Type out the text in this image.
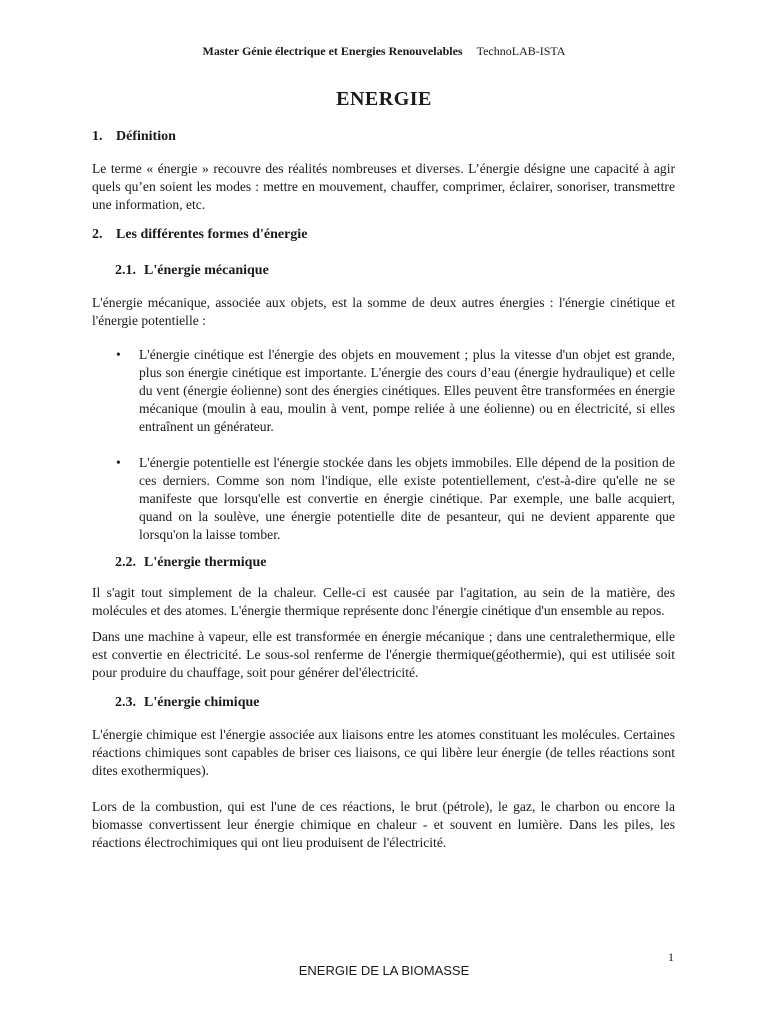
Master Génie électrique et Energies Renouvelables TechnoLAB-ISTA
ENERGIE
1. Définition

Le terme « énergie » recouvre des réalités nombreuses et diverses. L’énergie désigne une capacité à agir quels qu’en soient les modes : mettre en mouvement, chauffer, comprimer, éclairer, sonoriser, transmettre une information, etc.

2. Les différentes formes d'énergie
2.1. L'énergie mécanique

L'énergie mécanique, associée aux objets, est la somme de deux autres énergies : l'énergie cinétique et l'énergie potentielle :

• L'énergie cinétique est l'énergie des objets en mouvement ; plus la vitesse d'un objet est grande, plus son énergie cinétique est importante. L'énergie des cours d’eau (énergie hydraulique) et celle du vent (énergie éolienne) sont des énergies cinétiques. Elles peuvent être transformées en énergie mécanique (moulin à eau, moulin à vent, pompe reliée à une éolienne) ou en électricité, si elles entraînent un générateur.
• L'énergie potentielle est l'énergie stockée dans les objets immobiles. Elle dépend de la position de ces derniers. Comme son nom l'indique, elle existe potentiellement, c'est-à-dire qu'elle ne se manifeste que lorsqu'elle est convertie en énergie cinétique. Par exemple, une balle acquiert, quand on la soulève, une énergie potentielle dite de pesanteur, qui ne devient apparente que lorsqu'on la laisse tomber.
2.2. L'énergie thermique

Il s'agit tout simplement de la chaleur. Celle-ci est causée par l'agitation, au sein de la matière, des molécules et des atomes. L'énergie thermique représente donc l'énergie cinétique d'un ensemble au repos.

Dans une machine à vapeur, elle est transformée en énergie mécanique ; dans une centralethermique, elle est convertie en électricité. Le sous-sol renferme de l'énergie thermique(géothermie), qui est utilisée soit pour produire du chauffage, soit pour générer del'électricité.

2.3. L'énergie chimique

L'énergie chimique est l'énergie associée aux liaisons entre les atomes constituant les molécules. Certaines réactions chimiques sont capables de briser ces liaisons, ce qui libère leur énergie (de telles réactions sont dites exothermiques).

Lors de la combustion, qui est l'une de ces réactions, le brut (pétrole), le gaz, le charbon ou encore la biomasse convertissent leur énergie chimique en chaleur - et souvent en lumière. Dans les piles, les réactions électrochimiques qui ont lieu produisent de l'électricité.

1
ENERGIE DE LA BIOMASSE
